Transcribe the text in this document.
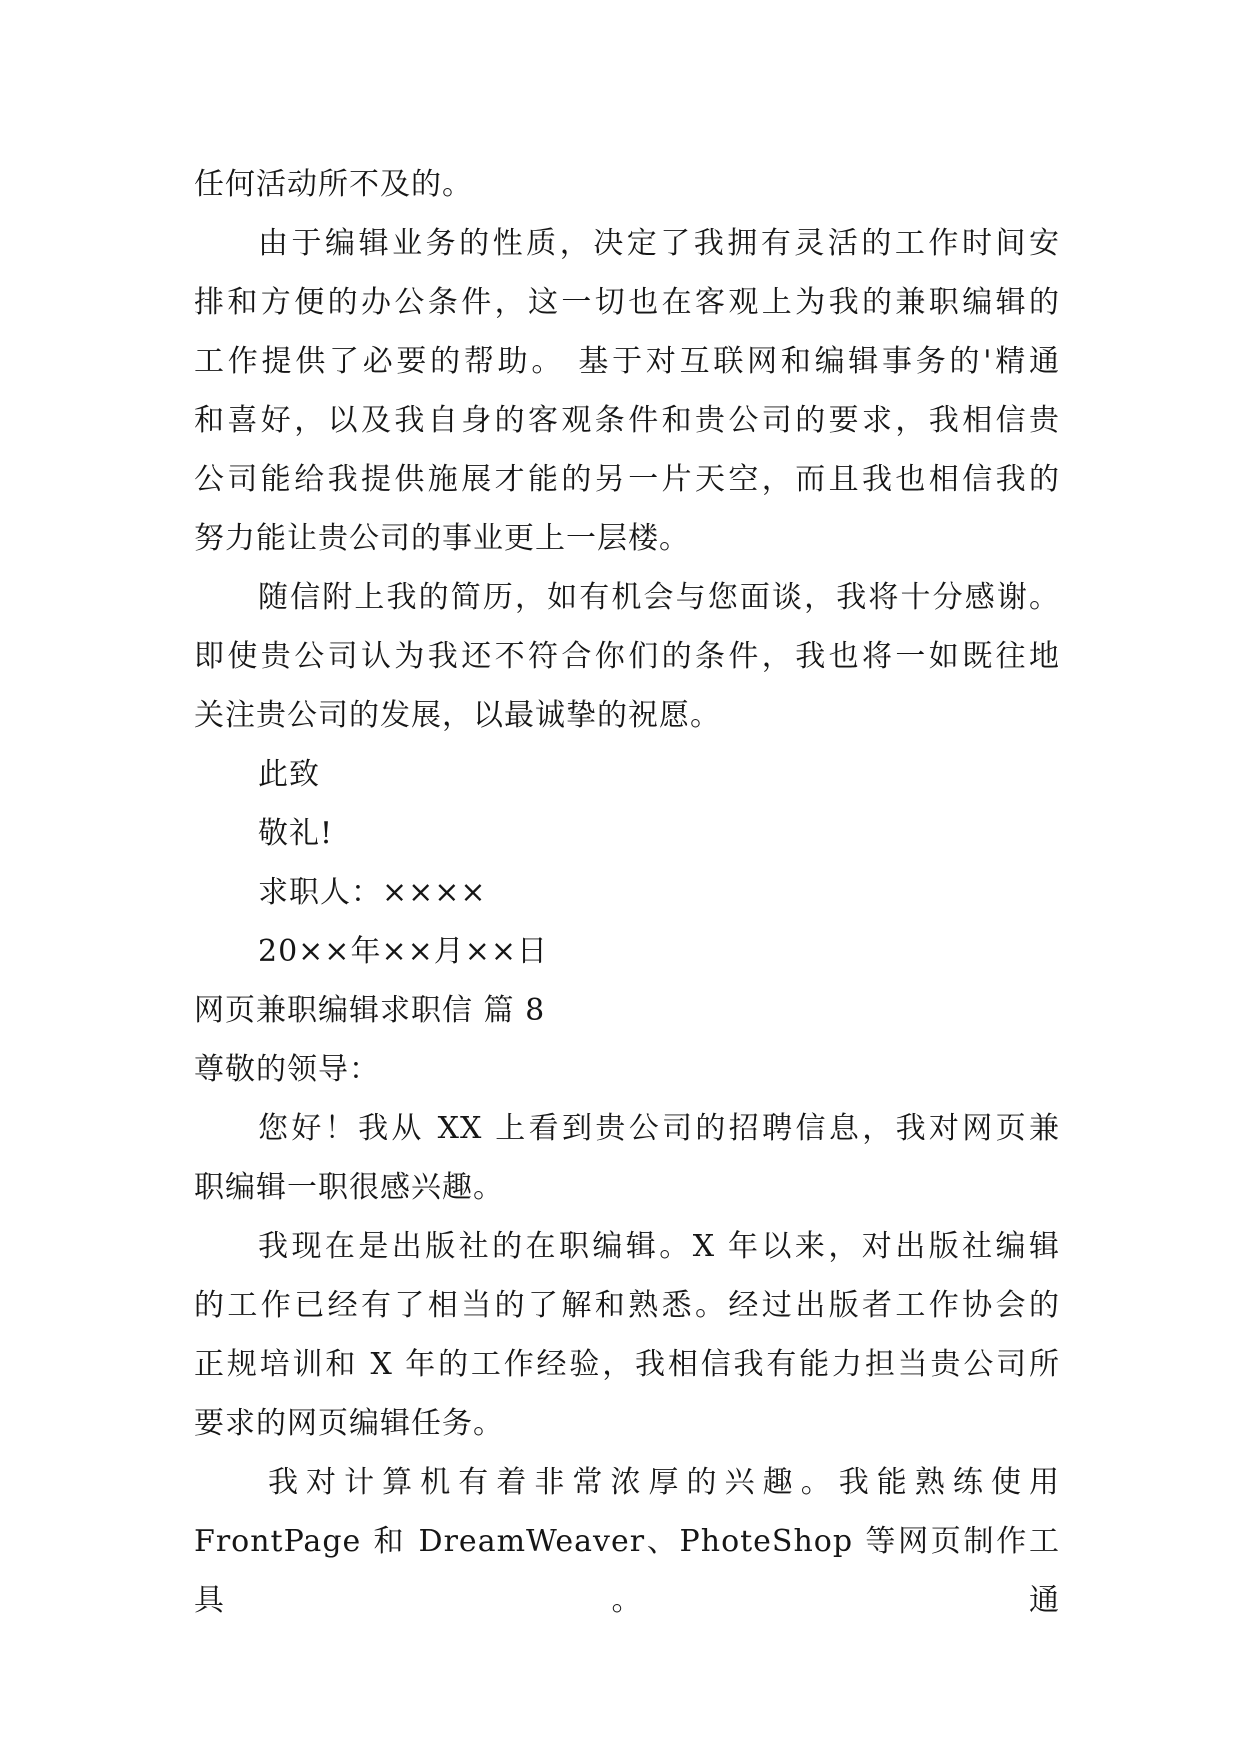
任何活动所不及的。
由于编辑业务的性质，决定了我拥有灵活的工作时间安
排和方便的办公条件，这一切也在客观上为我的兼职编辑的
工作提供了必要的帮助。 基于对互联网和编辑事务的'精通
和喜好，以及我自身的客观条件和贵公司的要求，我相信贵
公司能给我提供施展才能的另一片天空，而且我也相信我的
努力能让贵公司的事业更上一层楼。
随信附上我的简历，如有机会与您面谈，我将十分感谢。
即使贵公司认为我还不符合你们的条件，我也将一如既往地
关注贵公司的发展，以最诚挚的祝愿。
此致
敬礼!
求职人：××××
20××年××月××日
网页兼职编辑求职信 篇 8
尊敬的领导：
您好！我从 XX 上看到贵公司的招聘信息，我对网页兼
职编辑一职很感兴趣。
我现在是出版社的在职编辑。X 年以来，对出版社编辑
的工作已经有了相当的了解和熟悉。经过出版者工作协会的
正规培训和 X 年的工作经验，我相信我有能力担当贵公司所
要求的网页编辑任务。
我对计算机有着非常浓厚的兴趣。我能熟练使用
FrontPage 和 DreamWeaver、PhoteShop 等网页制作工具。通
